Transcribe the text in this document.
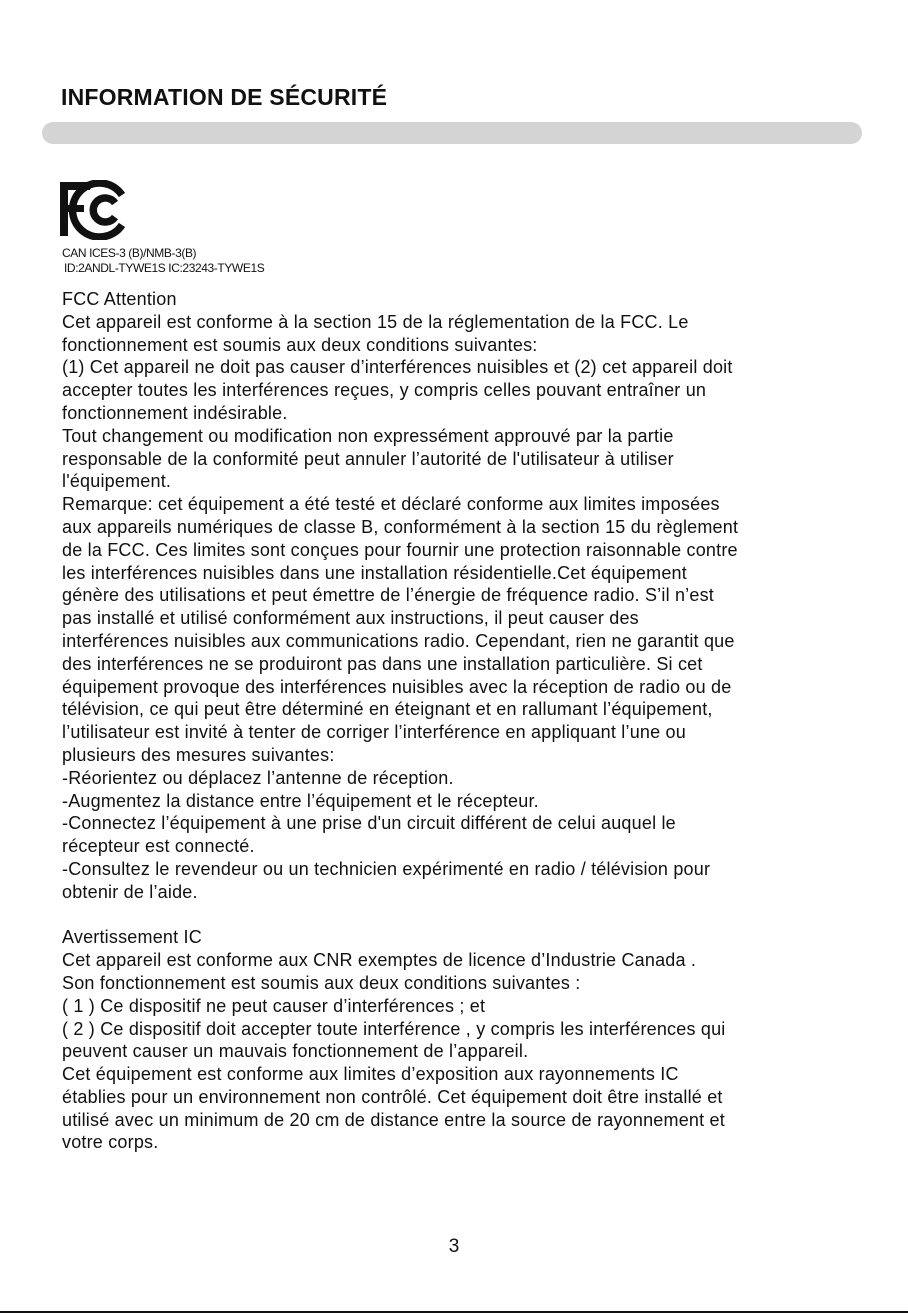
INFORMATION DE SÉCURITÉ
CAN ICES-3 (B)/NMB-3(B)
ID:2ANDL-TYWE1S IC:23243-TYWE1S
FCC Attention
Cet appareil est conforme à la section 15 de la réglementation de la FCC. Le
fonctionnement est soumis aux deux conditions suivantes:
(1) Cet appareil ne doit pas causer d’interférences nuisibles et (2) cet appareil doit
accepter toutes les interférences reçues, y compris celles pouvant entraîner un
fonctionnement indésirable.
Tout changement ou modification non expressément approuvé par la partie
responsable de la conformité peut annuler l’autorité de l'utilisateur à utiliser
l'équipement.
Remarque: cet équipement a été testé et déclaré conforme aux limites imposées
aux appareils numériques de classe B, conformément à la section 15 du règlement
de la FCC. Ces limites sont conçues pour fournir une protection raisonnable contre
les interférences nuisibles dans une installation résidentielle.Cet équipement
génère des utilisations et peut émettre de l’énergie de fréquence radio. S’il n’est
pas installé et utilisé conformément aux instructions, il peut causer des
interférences nuisibles aux communications radio. Cependant, rien ne garantit que
des interférences ne se produiront pas dans une installation particulière. Si cet
équipement provoque des interférences nuisibles avec la réception de radio ou de
télévision, ce qui peut être déterminé en éteignant et en rallumant l’équipement,
l’utilisateur est invité à tenter de corriger l’interférence en appliquant l’une ou
plusieurs des mesures suivantes:
-Réorientez ou déplacez l’antenne de réception.
-Augmentez la distance entre l’équipement et le récepteur.
-Connectez l’équipement à une prise d'un circuit différent de celui auquel le
récepteur est connecté.
-Consultez le revendeur ou un technicien expérimenté en radio / télévision pour
obtenir de l’aide.
Avertissement IC
Cet appareil est conforme aux CNR exemptes de licence d’Industrie Canada .
Son fonctionnement est soumis aux deux conditions suivantes :
( 1 ) Ce dispositif ne peut causer d’interférences ; et
( 2 ) Ce dispositif doit accepter toute interférence , y compris les interférences qui
peuvent causer un mauvais fonctionnement de l’appareil.
Cet équipement est conforme aux limites d’exposition aux rayonnements IC
établies pour un environnement non contrôlé. Cet équipement doit être installé et
utilisé avec un minimum de 20 cm de distance entre la source de rayonnement et
votre corps.
3
